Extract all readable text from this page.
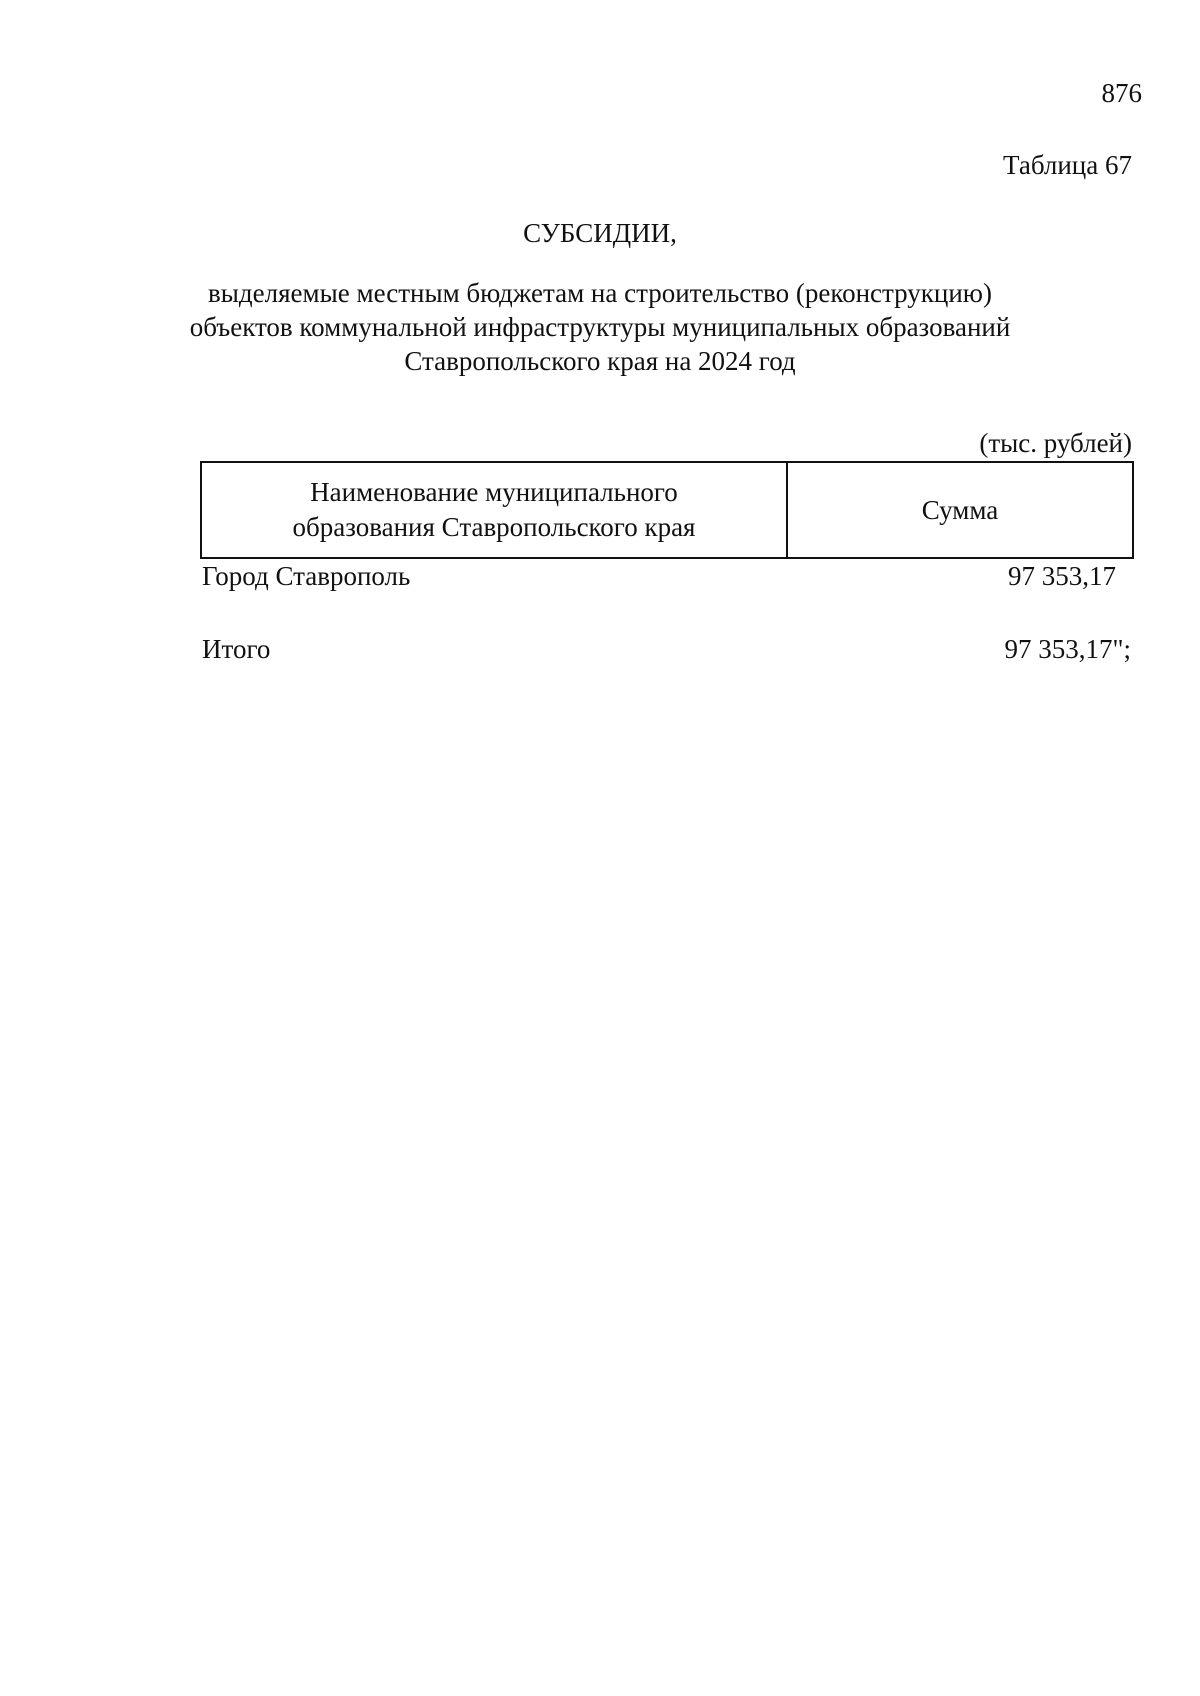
876
Таблица 67
СУБСИДИИ,
выделяемые местным бюджетам на строительство (реконструкцию)
объектов коммунальной инфраструктуры муниципальных образований
Ставропольского края на 2024 год
(тыс. рублей)
Наименование муниципального
образования Ставропольского края
Сумма
Город Ставрополь	97 353,17
Итого	97 353,17";
